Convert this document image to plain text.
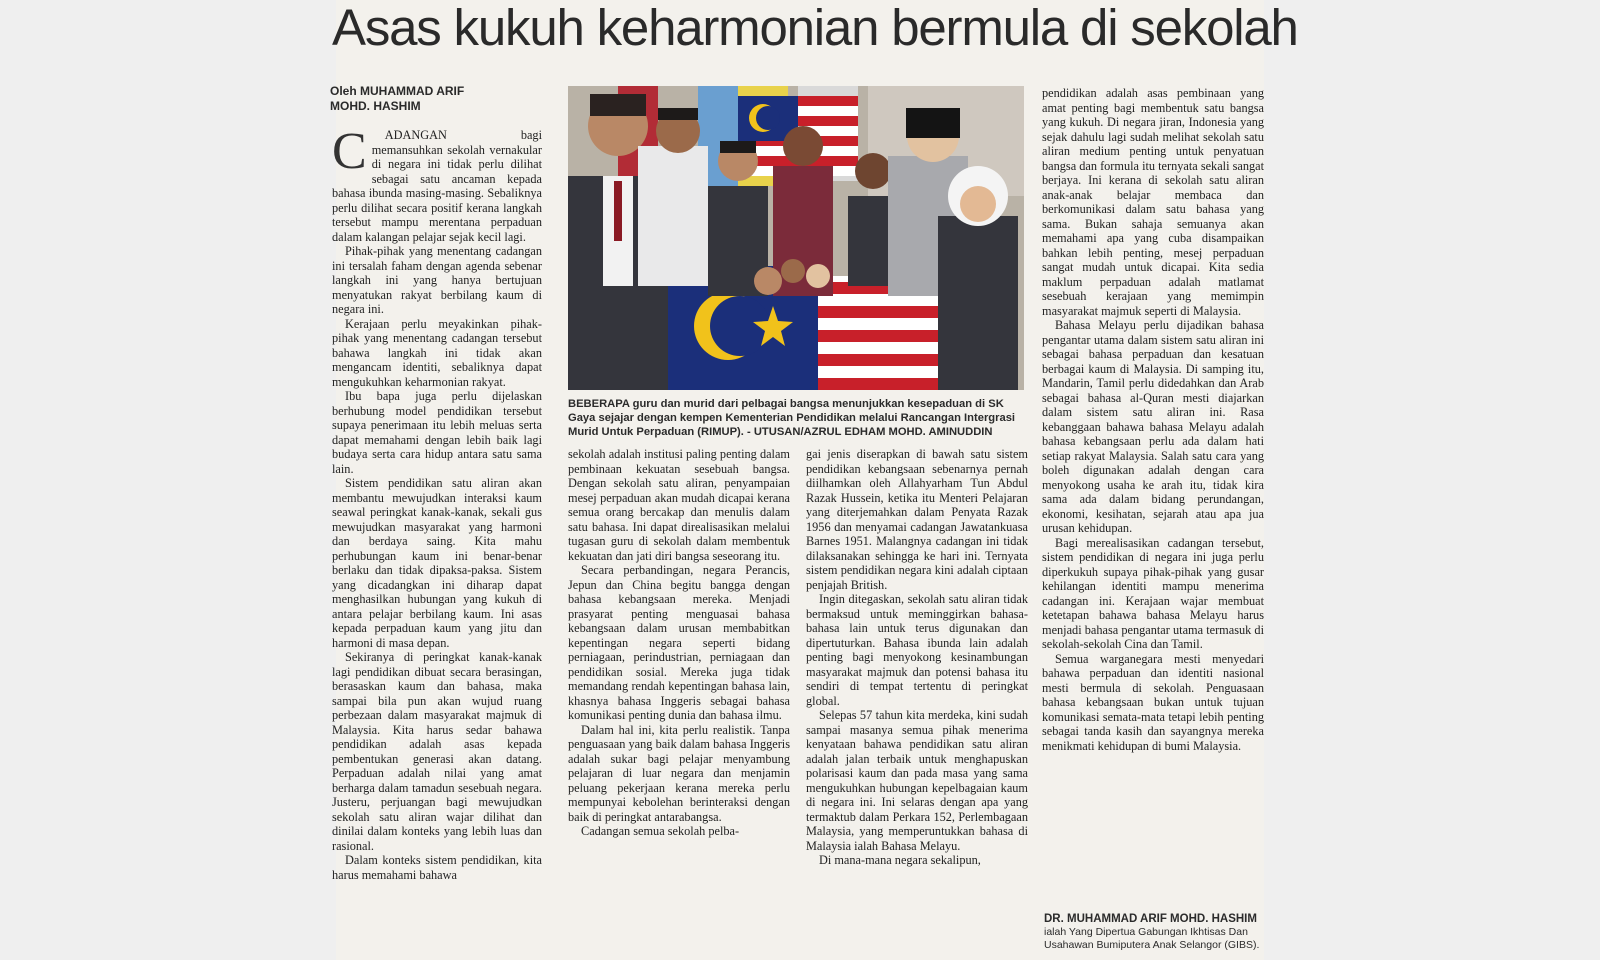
Asas kukuh keharmonian bermula di sekolah
Oleh MUHAMMAD ARIF
MOHD. HASHIM
C	ADANGAN bagi memansuhkan sekolah vernakular di negara ini tidak perlu dilihat sebagai satu ancaman kepada bahasa ibunda masing-masing. Sebaliknya perlu dilihat secara positif kerana langkah tersebut mampu merentana perpaduan dalam kalangan pelajar sejak kecil lagi.

Pihak-pihak yang menentang cadangan ini tersalah faham dengan agenda sebenar langkah ini yang hanya bertujuan menyatukan rakyat berbilang kaum di negara ini.

Kerajaan perlu meyakinkan pihak-pihak yang menentang cadangan tersebut bahawa langkah ini tidak akan mengancam identiti, sebaliknya dapat mengukuhkan keharmonian rakyat.

Ibu bapa juga perlu dijelaskan berhubung model pendidikan tersebut supaya penerimaan itu lebih meluas serta dapat memahami dengan lebih baik lagi budaya serta cara hidup antara satu sama lain.

Sistem pendidikan satu aliran akan membantu mewujudkan interaksi kaum seawal peringkat kanak-kanak, sekali gus mewujudkan masyarakat yang harmoni dan berdaya saing. Kita mahu perhubungan kaum ini benar-benar berlaku dan tidak dipaksa-paksa. Sistem yang dicadangkan ini diharap dapat menghasilkan hubungan yang kukuh di antara pelajar berbilang kaum. Ini asas kepada perpaduan kaum yang jitu dan harmoni di masa depan.

Sekiranya di peringkat kanak-kanak lagi pendidikan dibuat secara berasingan, berasaskan kaum dan bahasa, maka sampai bila pun akan wujud ruang perbezaan dalam masyarakat majmuk di Malaysia. Kita harus sedar bahawa pendidikan adalah asas kepada pembentukan generasi akan datang. Perpaduan adalah nilai yang amat berharga dalam tamadun sesebuah negara. Justeru, perjuangan bagi mewujudkan sekolah satu aliran wajar dilihat dan dinilai dalam konteks yang lebih luas dan rasional.

Dalam konteks sistem pendidikan, kita harus memahami bahawa

BEBERAPA guru dan murid dari pelbagai bangsa menunjukkan kesepaduan di SK Gaya sejajar dengan kempen Kementerian Pendidikan melalui Rancangan Intergrasi Murid Untuk Perpaduan (RIMUP). - UTUSAN/AZRUL EDHAM MOHD. AMINUDDIN

sekolah adalah institusi paling penting dalam pembinaan kekuatan sesebuah bangsa. Dengan sekolah satu aliran, penyampaian mesej perpaduan akan mudah dicapai kerana semua orang bercakap dan menulis dalam satu bahasa. Ini dapat direalisasikan melalui tugasan guru di sekolah dalam membentuk kekuatan dan jati diri bangsa seseorang itu.

Secara perbandingan, negara Perancis, Jepun dan China begitu bangga dengan bahasa kebangsaan mereka. Menjadi prasyarat penting menguasai bahasa kebangsaan dalam urusan membabitkan kepentingan negara seperti bidang perniagaan, perindustrian, perniagaan dan pendidikan sosial. Mereka juga tidak memandang rendah kepentingan bahasa lain, khasnya bahasa Inggeris sebagai bahasa komunikasi penting dunia dan bahasa ilmu.

Dalam hal ini, kita perlu realistik. Tanpa penguasaan yang baik dalam bahasa Inggeris adalah sukar bagi pelajar menyambung pelajaran di luar negara dan menjamin peluang pekerjaan kerana mereka perlu mempunyai kebolehan berinteraksi dengan baik di peringkat antarabangsa.

Cadangan semua sekolah pelba-

gai jenis diserapkan di bawah satu sistem pendidikan kebangsaan sebenarnya pernah diilhamkan oleh Allahyarham Tun Abdul Razak Hussein, ketika itu Menteri Pelajaran yang diterjemahkan dalam Penyata Razak 1956 dan menyamai cadangan Jawatankuasa Barnes 1951. Malangnya cadangan ini tidak dilaksanakan sehingga ke hari ini. Ternyata sistem pendidikan negara kini adalah ciptaan penjajah British.

Ingin ditegaskan, sekolah satu aliran tidak bermaksud untuk meminggirkan bahasa-bahasa lain untuk terus digunakan dan dipertuturkan. Bahasa ibunda lain adalah penting bagi menyokong kesinambungan masyarakat majmuk dan potensi bahasa itu sendiri di tempat tertentu di peringkat global.

Selepas 57 tahun kita merdeka, kini sudah sampai masanya semua pihak menerima kenyataan bahawa pendidikan satu aliran adalah jalan terbaik untuk menghapuskan polarisasi kaum dan pada masa yang sama mengukuhkan hubungan kepelbagaian kaum di negara ini. Ini selaras dengan apa yang termaktub dalam Perkara 152, Perlembagaan Malaysia, yang memperuntukkan bahasa di Malaysia ialah Bahasa Melayu.

Di mana-mana negara sekalipun,

pendidikan adalah asas pembinaan yang amat penting bagi membentuk satu bangsa yang kukuh. Di negara jiran, Indonesia yang sejak dahulu lagi sudah melihat sekolah satu aliran medium penting untuk penyatuan bangsa dan formula itu ternyata sekali sangat berjaya. Ini kerana di sekolah satu aliran anak-anak belajar membaca dan berkomunikasi dalam satu bahasa yang sama. Bukan sahaja semuanya akan memahami apa yang cuba disampaikan bahkan lebih penting, mesej perpaduan sangat mudah untuk dicapai. Kita sedia maklum perpaduan adalah matlamat sesebuah kerajaan yang memimpin masyarakat majmuk seperti di Malaysia.

Bahasa Melayu perlu dijadikan bahasa pengantar utama dalam sistem satu aliran ini sebagai bahasa perpaduan dan kesatuan berbagai kaum di Malaysia. Di samping itu, Mandarin, Tamil perlu didedahkan dan Arab sebagai bahasa al-Quran mesti diajarkan dalam sistem satu aliran ini. Rasa kebanggaan bahawa bahasa Melayu adalah bahasa kebangsaan perlu ada dalam hati setiap rakyat Malaysia. Salah satu cara yang boleh digunakan adalah dengan cara menyokong usaha ke arah itu, tidak kira sama ada dalam bidang perundangan, ekonomi, kesihatan, sejarah atau apa jua urusan kehidupan.

Bagi merealisasikan cadangan tersebut, sistem pendidikan di negara ini juga perlu diperkukuh supaya pihak-pihak yang gusar kehilangan identiti mampu menerima cadangan ini. Kerajaan wajar membuat ketetapan bahawa bahasa Melayu harus menjadi bahasa pengantar utama termasuk di sekolah-sekolah Cina dan Tamil.

Semua warganegara mesti menyedari bahawa perpaduan dan identiti nasional mesti bermula di sekolah. Penguasaan bahasa kebangsaan bukan untuk tujuan komunikasi semata-mata tetapi lebih penting sebagai tanda kasih dan sayangnya mereka menikmati kehidupan di bumi Malaysia.

DR. MUHAMMAD ARIF MOHD. HASHIM
ialah Yang Dipertua Gabungan Ikhtisas Dan Usahawan Bumiputera Anak Selangor (GIBS).
